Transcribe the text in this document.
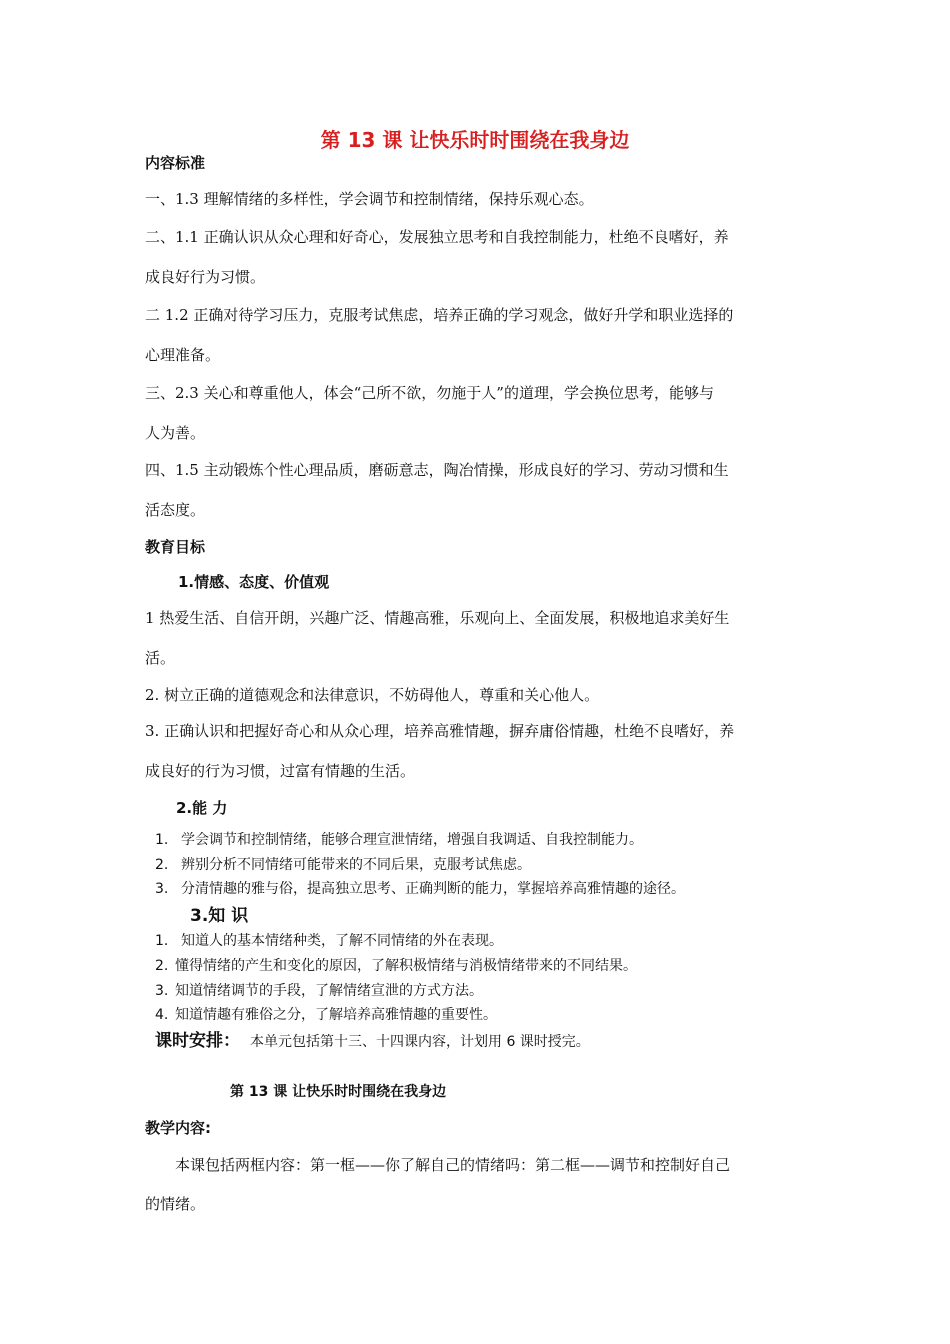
第 13 课 让快乐时时围绕在我身边
内容标准
一、1.3 理解情绪的多样性，学会调节和控制情绪，保持乐观心态。
二、1.1 正确认识从众心理和好奇心，发展独立思考和自我控制能力，杜绝不良嗜好，养
成良好行为习惯。
二 1.2 正确对待学习压力，克服考试焦虑，培养正确的学习观念，做好升学和职业选择的
心理准备。
三、2.3 关心和尊重他人，体会“己所不欲，勿施于人”的道理，学会换位思考，能够与
人为善。
四、1.5 主动锻炼个性心理品质，磨砺意志，陶冶情操，形成良好的学习、劳动习惯和生
活态度。
教育目标
1.情感、态度、价值观
1 热爱生活、自信开朗，兴趣广泛、情趣高雅，乐观向上、全面发展，积极地追求美好生
活。
2. 树立正确的道德观念和法律意识，不妨碍他人，尊重和关心他人。
3. 正确认识和把握好奇心和从众心理，培养高雅情趣，摒弃庸俗情趣，杜绝不良嗜好，养
成良好的行为习惯，过富有情趣的生活。
2.能 力
1. 学会调节和控制情绪，能够合理宣泄情绪，增强自我调适、自我控制能力。
2. 辨别分析不同情绪可能带来的不同后果，克服考试焦虑。
3. 分清情趣的雅与俗，提高独立思考、正确判断的能力，掌握培养高雅情趣的途径。
3.知 识
1. 知道人的基本情绪种类，了解不同情绪的外在表现。
2. 懂得情绪的产生和变化的原因，了解积极情绪与消极情绪带来的不同结果。
3. 知道情绪调节的手段，了解情绪宣泄的方式方法。
4. 知道情趣有雅俗之分，了解培养高雅情趣的重要性。
课时安排： 本单元包括第十三、十四课内容，计划用 6 课时授完。
第 13 课 让快乐时时围绕在我身边
教学内容:
本课包括两框内容：第一框——你了解自己的情绪吗：第二框——调节和控制好自己
的情绪。
